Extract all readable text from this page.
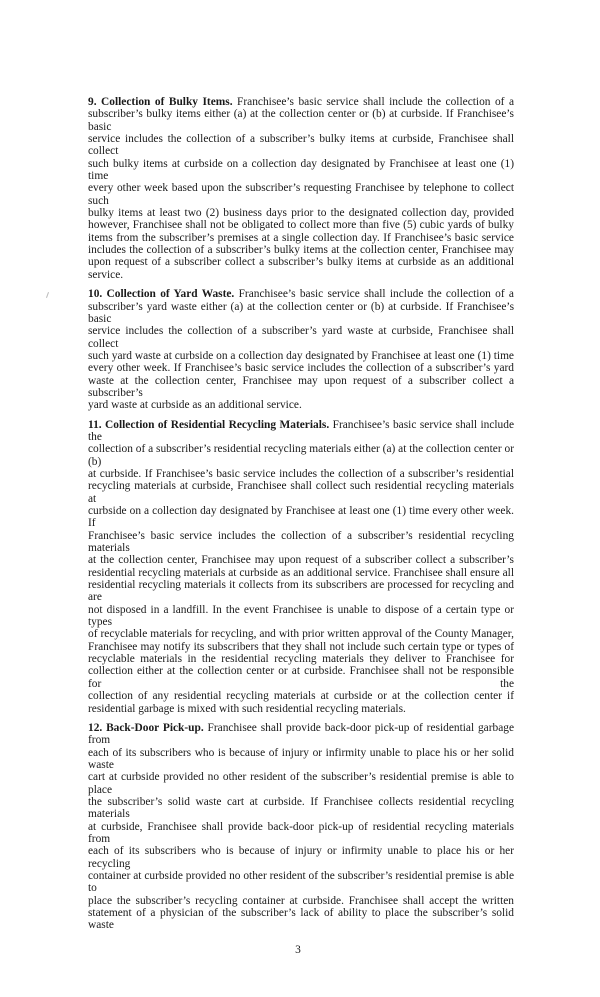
9. Collection of Bulky Items. Franchisee’s basic service shall include the collection of a
subscriber’s bulky items either (a) at the collection center or (b) at curbside. If Franchisee’s basic
service includes the collection of a subscriber’s bulky items at curbside, Franchisee shall collect
such bulky items at curbside on a collection day designated by Franchisee at least one (1) time
every other week based upon the subscriber’s requesting Franchisee by telephone to collect such
bulky items at least two (2) business days prior to the designated collection day, provided
however, Franchisee shall not be obligated to collect more than five (5) cubic yards of bulky
items from the subscriber’s premises at a single collection day. If Franchisee’s basic service
includes the collection of a subscriber’s bulky items at the collection center, Franchisee may
upon request of a subscriber collect a subscriber’s bulky items at curbside as an additional
service.
10. Collection of Yard Waste. Franchisee’s basic service shall include the collection of a
subscriber’s yard waste either (a) at the collection center or (b) at curbside. If Franchisee’s basic
service includes the collection of a subscriber’s yard waste at curbside, Franchisee shall collect
such yard waste at curbside on a collection day designated by Franchisee at least one (1) time
every other week. If Franchisee’s basic service includes the collection of a subscriber’s yard
waste at the collection center, Franchisee may upon request of a subscriber collect a subscriber’s
yard waste at curbside as an additional service.
11. Collection of Residential Recycling Materials. Franchisee’s basic service shall include the
collection of a subscriber’s residential recycling materials either (a) at the collection center or (b)
at curbside. If Franchisee’s basic service includes the collection of a subscriber’s residential
recycling materials at curbside, Franchisee shall collect such residential recycling materials at
curbside on a collection day designated by Franchisee at least one (1) time every other week. If
Franchisee’s basic service includes the collection of a subscriber’s residential recycling materials
at the collection center, Franchisee may upon request of a subscriber collect a subscriber’s
residential recycling materials at curbside as an additional service. Franchisee shall ensure all
residential recycling materials it collects from its subscribers are processed for recycling and are
not disposed in a landfill. In the event Franchisee is unable to dispose of a certain type or types
of recyclable materials for recycling, and with prior written approval of the County Manager,
Franchisee may notify its subscribers that they shall not include such certain type or types of
recyclable materials in the residential recycling materials they deliver to Franchisee for
collection either at the collection center or at curbside. Franchisee shall not be responsible for the
collection of any residential recycling materials at curbside or at the collection center if
residential garbage is mixed with such residential recycling materials.
12. Back-Door Pick-up. Franchisee shall provide back-door pick-up of residential garbage from
each of its subscribers who is because of injury or infirmity unable to place his or her solid waste
cart at curbside provided no other resident of the subscriber’s residential premise is able to place
the subscriber’s solid waste cart at curbside. If Franchisee collects residential recycling materials
at curbside, Franchisee shall provide back-door pick-up of residential recycling materials from
each of its subscribers who is because of injury or infirmity unable to place his or her recycling
container at curbside provided no other resident of the subscriber’s residential premise is able to
place the subscriber’s recycling container at curbside. Franchisee shall accept the written
statement of a physician of the subscriber’s lack of ability to place the subscriber’s solid waste
3
